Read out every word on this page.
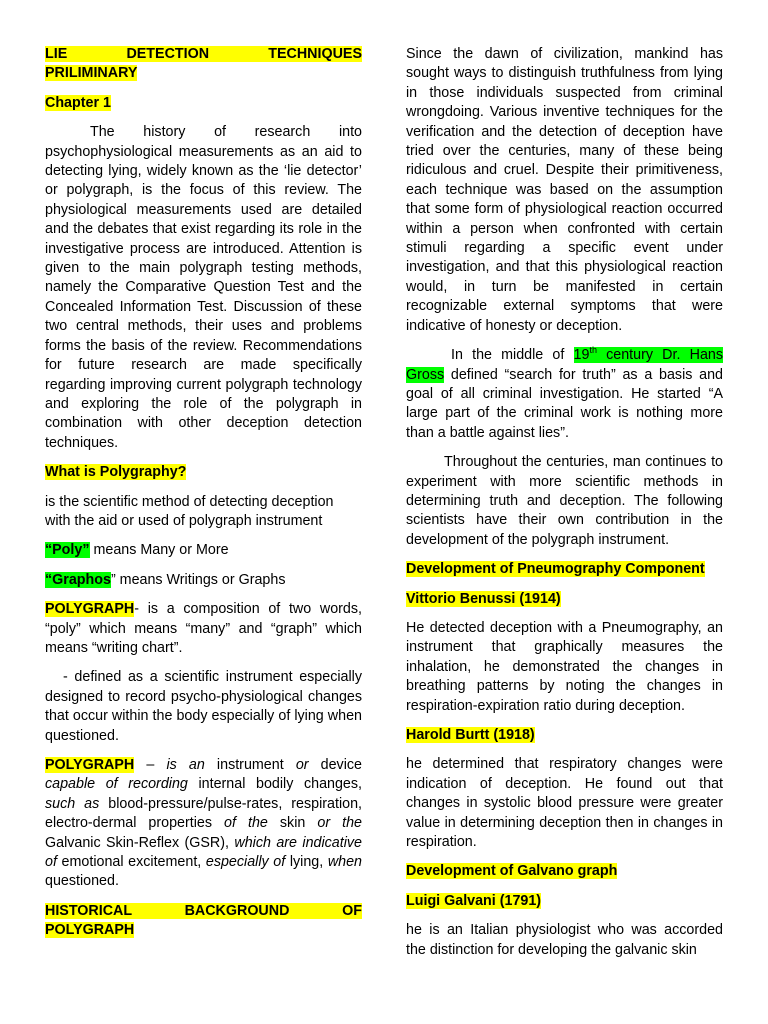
LIE DETECTION TECHNIQUES
PRILIMINARY
Chapter 1

The history of research into psychophysiological measurements as an aid to detecting lying, widely known as the ‘lie detector’ or polygraph, is the focus of this review. The physiological measurements used are detailed and the debates that exist regarding its role in the investigative process are introduced. Attention is given to the main polygraph testing methods, namely the Comparative Question Test and the Concealed Information Test. Discussion of these two central methods, their uses and problems forms the basis of the review. Recommendations for future research are made specifically regarding improving current polygraph technology and exploring the role of the polygraph in combination with other deception detection techniques.

What is Polygraphy?

is the scientific method of detecting deception with the aid or used of polygraph instrument

“Poly” means Many or More

“Graphos” means Writings or Graphs

POLYGRAPH- is a composition of two words, “poly” which means “many” and “graph” which means “writing chart”.

- defined as a scientific instrument especially designed to record psycho-physiological changes that occur within the body especially of lying when questioned.

POLYGRAPH – is an instrument or device capable of recording internal bodily changes, such as blood-pressure/pulse-rates, respiration, electro-dermal properties of the skin or the Galvanic Skin-Reflex (GSR), which are indicative of emotional excitement, especially of lying, when questioned.

HISTORICAL BACKGROUND OF
POLYGRAPH

Since the dawn of civilization, mankind has sought ways to distinguish truthfulness from lying in those individuals suspected from criminal wrongdoing. Various inventive techniques for the verification and the detection of deception have tried over the centuries, many of these being ridiculous and cruel. Despite their primitiveness, each technique was based on the assumption that some form of physiological reaction occurred within a person when confronted with certain stimuli regarding a specific event under investigation, and that this physiological reaction would, in turn be manifested in certain recognizable external symptoms that were indicative of honesty or deception.

In the middle of 19th century Dr. Hans Gross defined “search for truth” as a basis and goal of all criminal investigation. He started “A large part of the criminal work is nothing more than a battle against lies”.

Throughout the centuries, man continues to experiment with more scientific methods in determining truth and deception. The following scientists have their own contribution in the development of the polygraph instrument.

Development of Pneumography Component
Vittorio Benussi (1914)

He detected deception with a Pneumography, an instrument that graphically measures the inhalation, he demonstrated the changes in breathing patterns by noting the changes in respiration-expiration ratio during deception.

Harold Burtt (1918)

he determined that respiratory changes were indication of deception. He found out that changes in systolic blood pressure were greater value in determining deception then in changes in respiration.

Development of Galvano graph
Luigi Galvani (1791)

he is an Italian physiologist who was accorded the distinction for developing the galvanic skin
